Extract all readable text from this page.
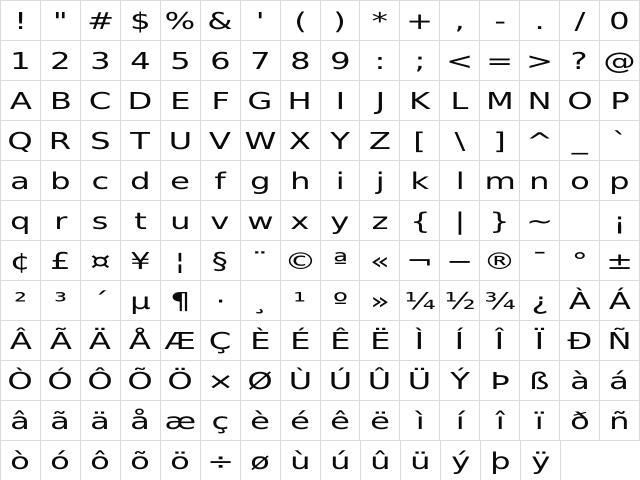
!	" # $ % & '	(	)	* + ,	-	.	/	0
1 2 3 4 5 6 7 8 9	:	; < = > ? @
A B C D E F G H	I	J	K L M N O P
Q R S T U V W X Y Z [	\	] ^ _	`
a b c d e	f	g h	i	j	k	l m n o p
q	r	s	t	u v w x y z {	|	} ~	¡
¢ £ ¤ ¥	¦	§	¨ © ª « ¬ − ® ¯	° ±
²	³	´ µ ¶	·	¸	¹	º » ¼ ½ ¾ ¿ À Á
Â Ã Ä Å Æ Ç È É Ê Ë	Ì	Í	Î	Ï Ð Ñ
Ò Ó Ô Õ Ö × Ø Ù Ú Û Ü Ý Þ ß à á
â ã ä å æ ç è é ê ë	ì	í	î	ï	ð ñ
ò ó ô õ ö ÷ ø ù ú û ü ý þ ÿ
